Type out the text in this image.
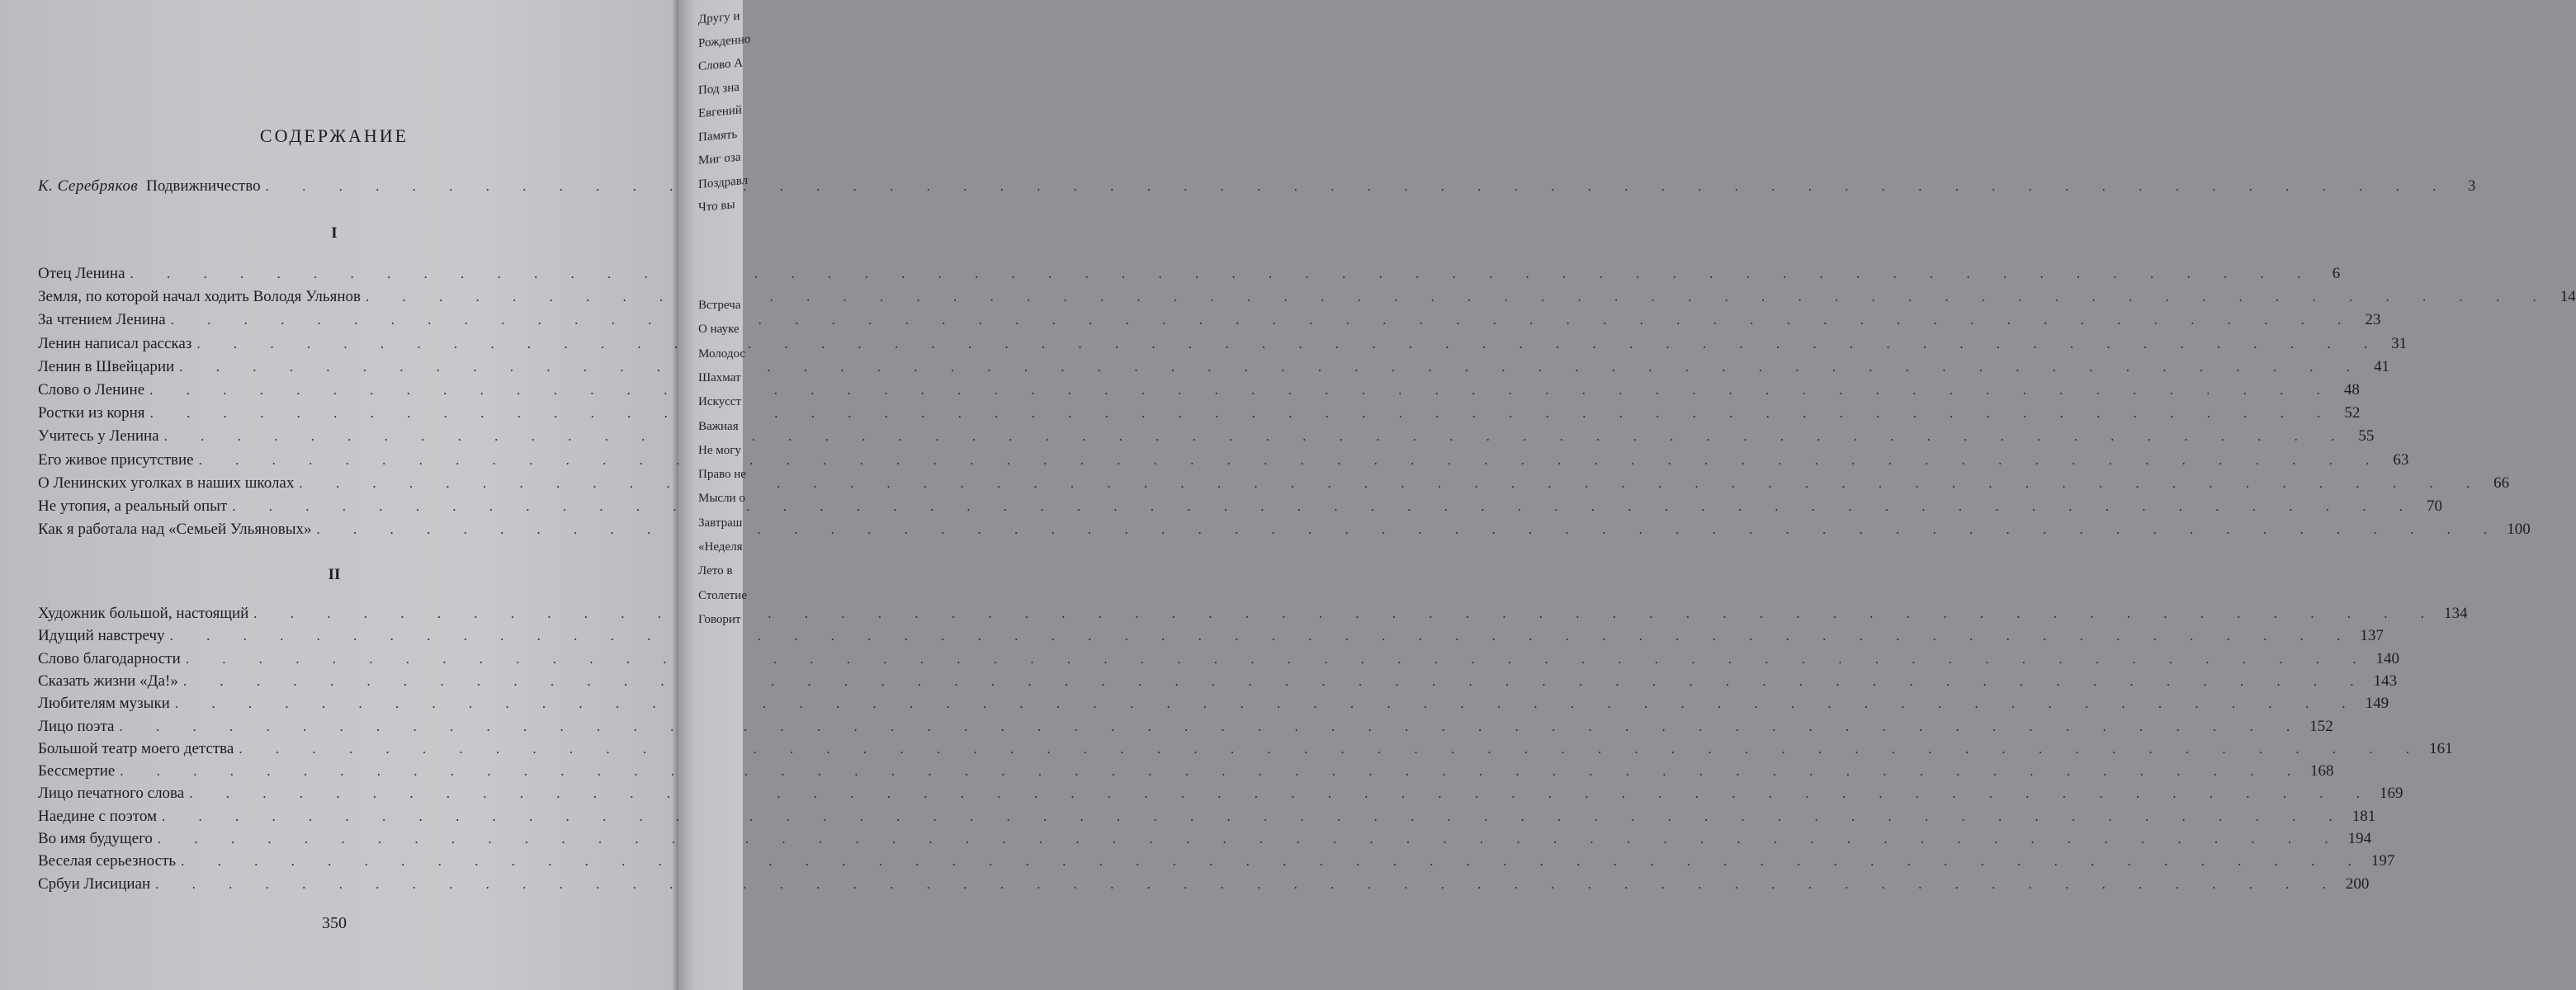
СОДЕРЖАНИЕ
К. Серебряков Подвижничество . . .	3
I
Отец Ленина . . .	6
Земля, по которой начал ходить Володя Ульянов . . .	14
За чтением Ленина . . .	23
Ленин написал рассказ . . .	31
Ленин в Швейцарии . . .	41
Слово о Ленине . . .	48
Ростки из корня . . .	52
Учитесь у Ленина . . .	55
Его живое присутствие . . .	63
О Ленинских уголках в наших школах . . .	66
Не утопия, а реальный опыт . . .	70
Как я работала над «Семьей Ульяновых» . . .	100
II
Художник большой, настоящий . . .	134
Идущий навстречу . . .	137
Слово благодарности . . .	140
Сказать жизни «Да!» . . .	143
Любителям музыки . . .	149
Лицо поэта . . .	152
Большой театр моего детства . . .	161
Бессмертие . . .	168
Лицо печатного слова . . .	169
Наедине с поэтом . . .	181
Во имя будущего . . .	194
Веселая серьезность . . .	197
Србуи Лисициан . . .	200
350
Другу и
Рожденно
Слово А
Под зна
Евгений
Память
Миг оза
Поздравл
Что вы
Встреча
О науке
Молодос
Шахмат
Искусст
Важная
Не могу
Право не
Мысли о
Завтраш
«Неделя
Лето в
Столетие
Говорит
